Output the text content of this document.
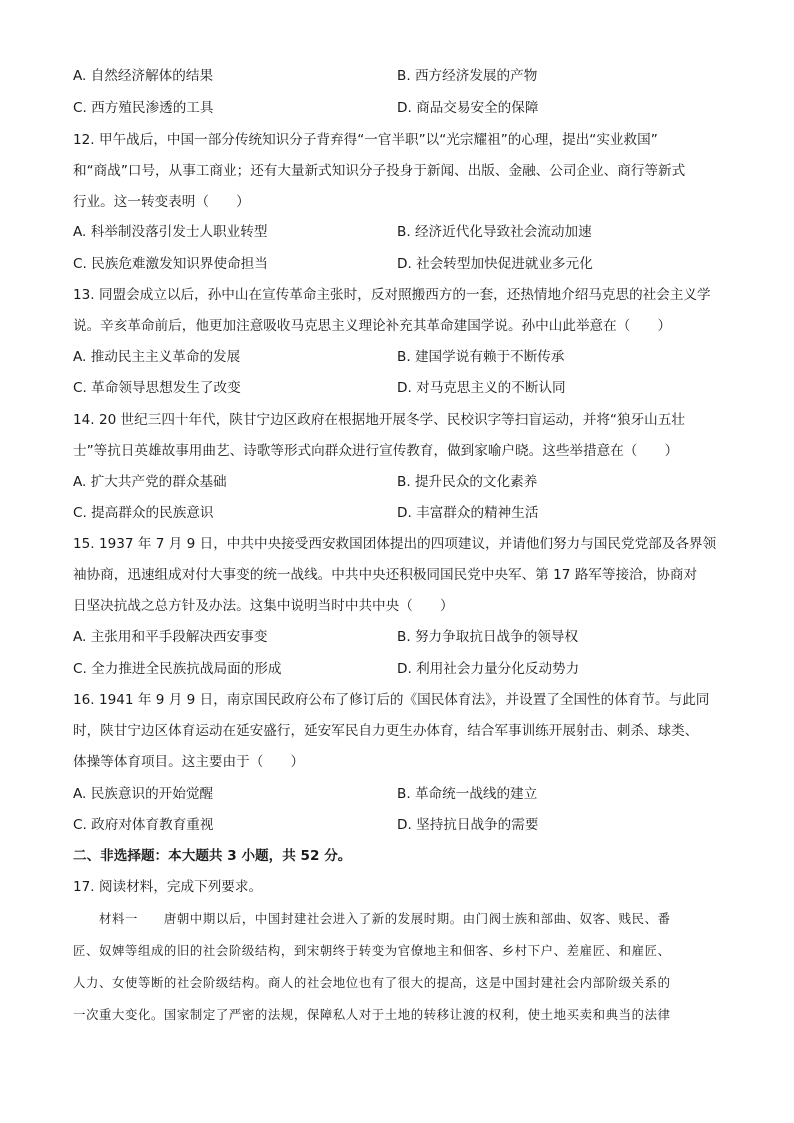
A. 自然经济解体的结果	B. 西方经济发展的产物
C. 西方殖民渗透的工具	D. 商品交易安全的保障
12. 甲午战后，中国一部分传统知识分子背弃得“一官半职”以“光宗耀祖”的心理，提出“实业救国”
和“商战”口号，从事工商业；还有大量新式知识分子投身于新闻、出版、金融、公司企业、商行等新式
行业。这一转变表明（　　）
A. 科举制没落引发士人职业转型	B. 经济近代化导致社会流动加速
C. 民族危难激发知识界使命担当	D. 社会转型加快促进就业多元化
13. 同盟会成立以后，孙中山在宣传革命主张时，反对照搬西方的一套，还热情地介绍马克思的社会主义学
说。辛亥革命前后，他更加注意吸收马克思主义理论补充其革命建国学说。孙中山此举意在（　　）
A. 推动民主主义革命的发展	B. 建国学说有赖于不断传承
C. 革命领导思想发生了改变	D. 对马克思主义的不断认同
14. 20 世纪三四十年代，陕甘宁边区政府在根据地开展冬学、民校识字等扫盲运动，并将“狼牙山五壮
士”等抗日英雄故事用曲艺、诗歌等形式向群众进行宣传教育，做到家喻户晓。这些举措意在（　　）
A. 扩大共产党的群众基础	B. 提升民众的文化素养
C. 提高群众的民族意识	D. 丰富群众的精神生活
15. 1937 年 7 月 9 日，中共中央接受西安救国团体提出的四项建议，并请他们努力与国民党党部及各界领
袖协商，迅速组成对付大事变的统一战线。中共中央还积极同国民党中央军、第 17 路军等接洽，协商对
日坚决抗战之总方针及办法。这集中说明当时中共中央（　　）
A. 主张用和平手段解决西安事变	B. 努力争取抗日战争的领导权
C. 全力推进全民族抗战局面的形成	D. 利用社会力量分化反动势力
16. 1941 年 9 月 9 日，南京国民政府公布了修订后的《国民体育法》，并设置了全国性的体育节。与此同
时，陕甘宁边区体育运动在延安盛行，延安军民自力更生办体育，结合军事训练开展射击、刺杀、球类、
体操等体育项目。这主要由于（　　）
A. 民族意识的开始觉醒	B. 革命统一战线的建立
C. 政府对体育教育重视	D. 坚持抗日战争的需要
二、非选择题：本大题共 3 小题，共 52 分。
17. 阅读材料，完成下列要求。
　　材料一　　唐朝中期以后，中国封建社会进入了新的发展时期。由门阀士族和部曲、奴客、贱民、番
匠、奴婢等组成的旧的社会阶级结构，到宋朝终于转变为官僚地主和佃客、乡村下户、差雇匠、和雇匠、
人力、女使等断的社会阶级结构。商人的社会地位也有了很大的提高，这是中国封建社会内部阶级关系的
一次重大变化。国家制定了严密的法规，保障私人对于土地的转移让渡的权利，使土地买卖和典当的法律
